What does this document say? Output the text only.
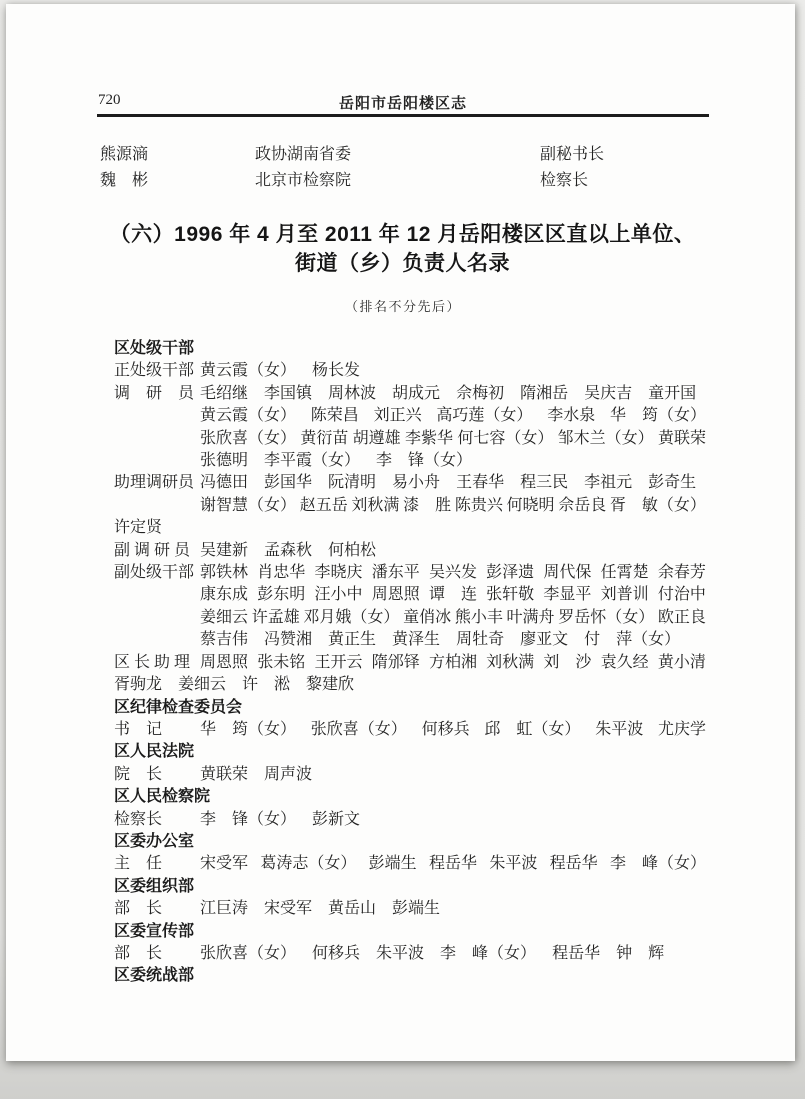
720	岳阳市岳阳楼区志
熊源滳	政协湖南省委	副秘书长
魏　彬	北京市检察院	检察长
（六）1996 年 4 月至 2011 年 12 月岳阳楼区区直以上单位、
街道（乡）负责人名录
（排名不分先后）
区处级干部
正处级干部 黄云霞（女） 杨长发
调　研　员 毛绍继 李国镇 周林波 胡成元 佘梅初 隋湘岳 吴庆吉 童开国
黄云霞（女） 陈荣昌 刘正兴 高巧莲（女） 李水泉 华　筠（女）
张欣喜（女） 黄衍苗 胡遵雄 李紫华 何七容（女） 邹木兰（女） 黄联荣
张德明 李平霞（女） 李　锋（女）
助理调研员 冯德田 彭国华 阮清明 易小舟 王春华 程三民 李祖元 彭奇生
谢智慧（女） 赵五岳 刘秋满 漆　胜 陈贵兴 何晓明 佘岳良 胥　敏（女）
许定贤
副 调 研 员 吴建新 孟森秋 何柏松
副处级干部 郭铁林 肖忠华 李晓庆 潘东平 吴兴发 彭泽遗 周代保 任霄楚 余春芳
康东成 彭东明 汪小中 周恩照 谭　连 张轩敬 李显平 刘普训 付治中
姜细云 许孟雄 邓月娥（女） 童俏冰 熊小丰 叶满舟 罗岳怀（女） 欧正良
蔡吉伟 冯赞湘 黄正生 黄泽生 周牡奇 廖亚文 付　萍（女）
区 长 助 理 周恩照 张未铭 王开云 隋邠铎 方柏湘 刘秋满 刘　沙 袁久经 黄小清
胥驹龙 姜细云 许　淞 黎建欣
区纪律检查委员会
书　记	华　筠（女） 张欣喜（女） 何移兵 邱　虹（女） 朱平波 尤庆学
区人民法院
院　长	黄联荣 周声波
区人民检察院
检察长	李　锋（女） 彭新文
区委办公室
主　任	宋受军 葛涛志（女） 彭端生 程岳华 朱平波 程岳华 李　峰（女）
区委组织部
部　长	江巨涛 宋受军 黄岳山 彭端生
区委宣传部
部　长	张欣喜（女） 何移兵 朱平波 李　峰（女） 程岳华 钟　辉
区委统战部
